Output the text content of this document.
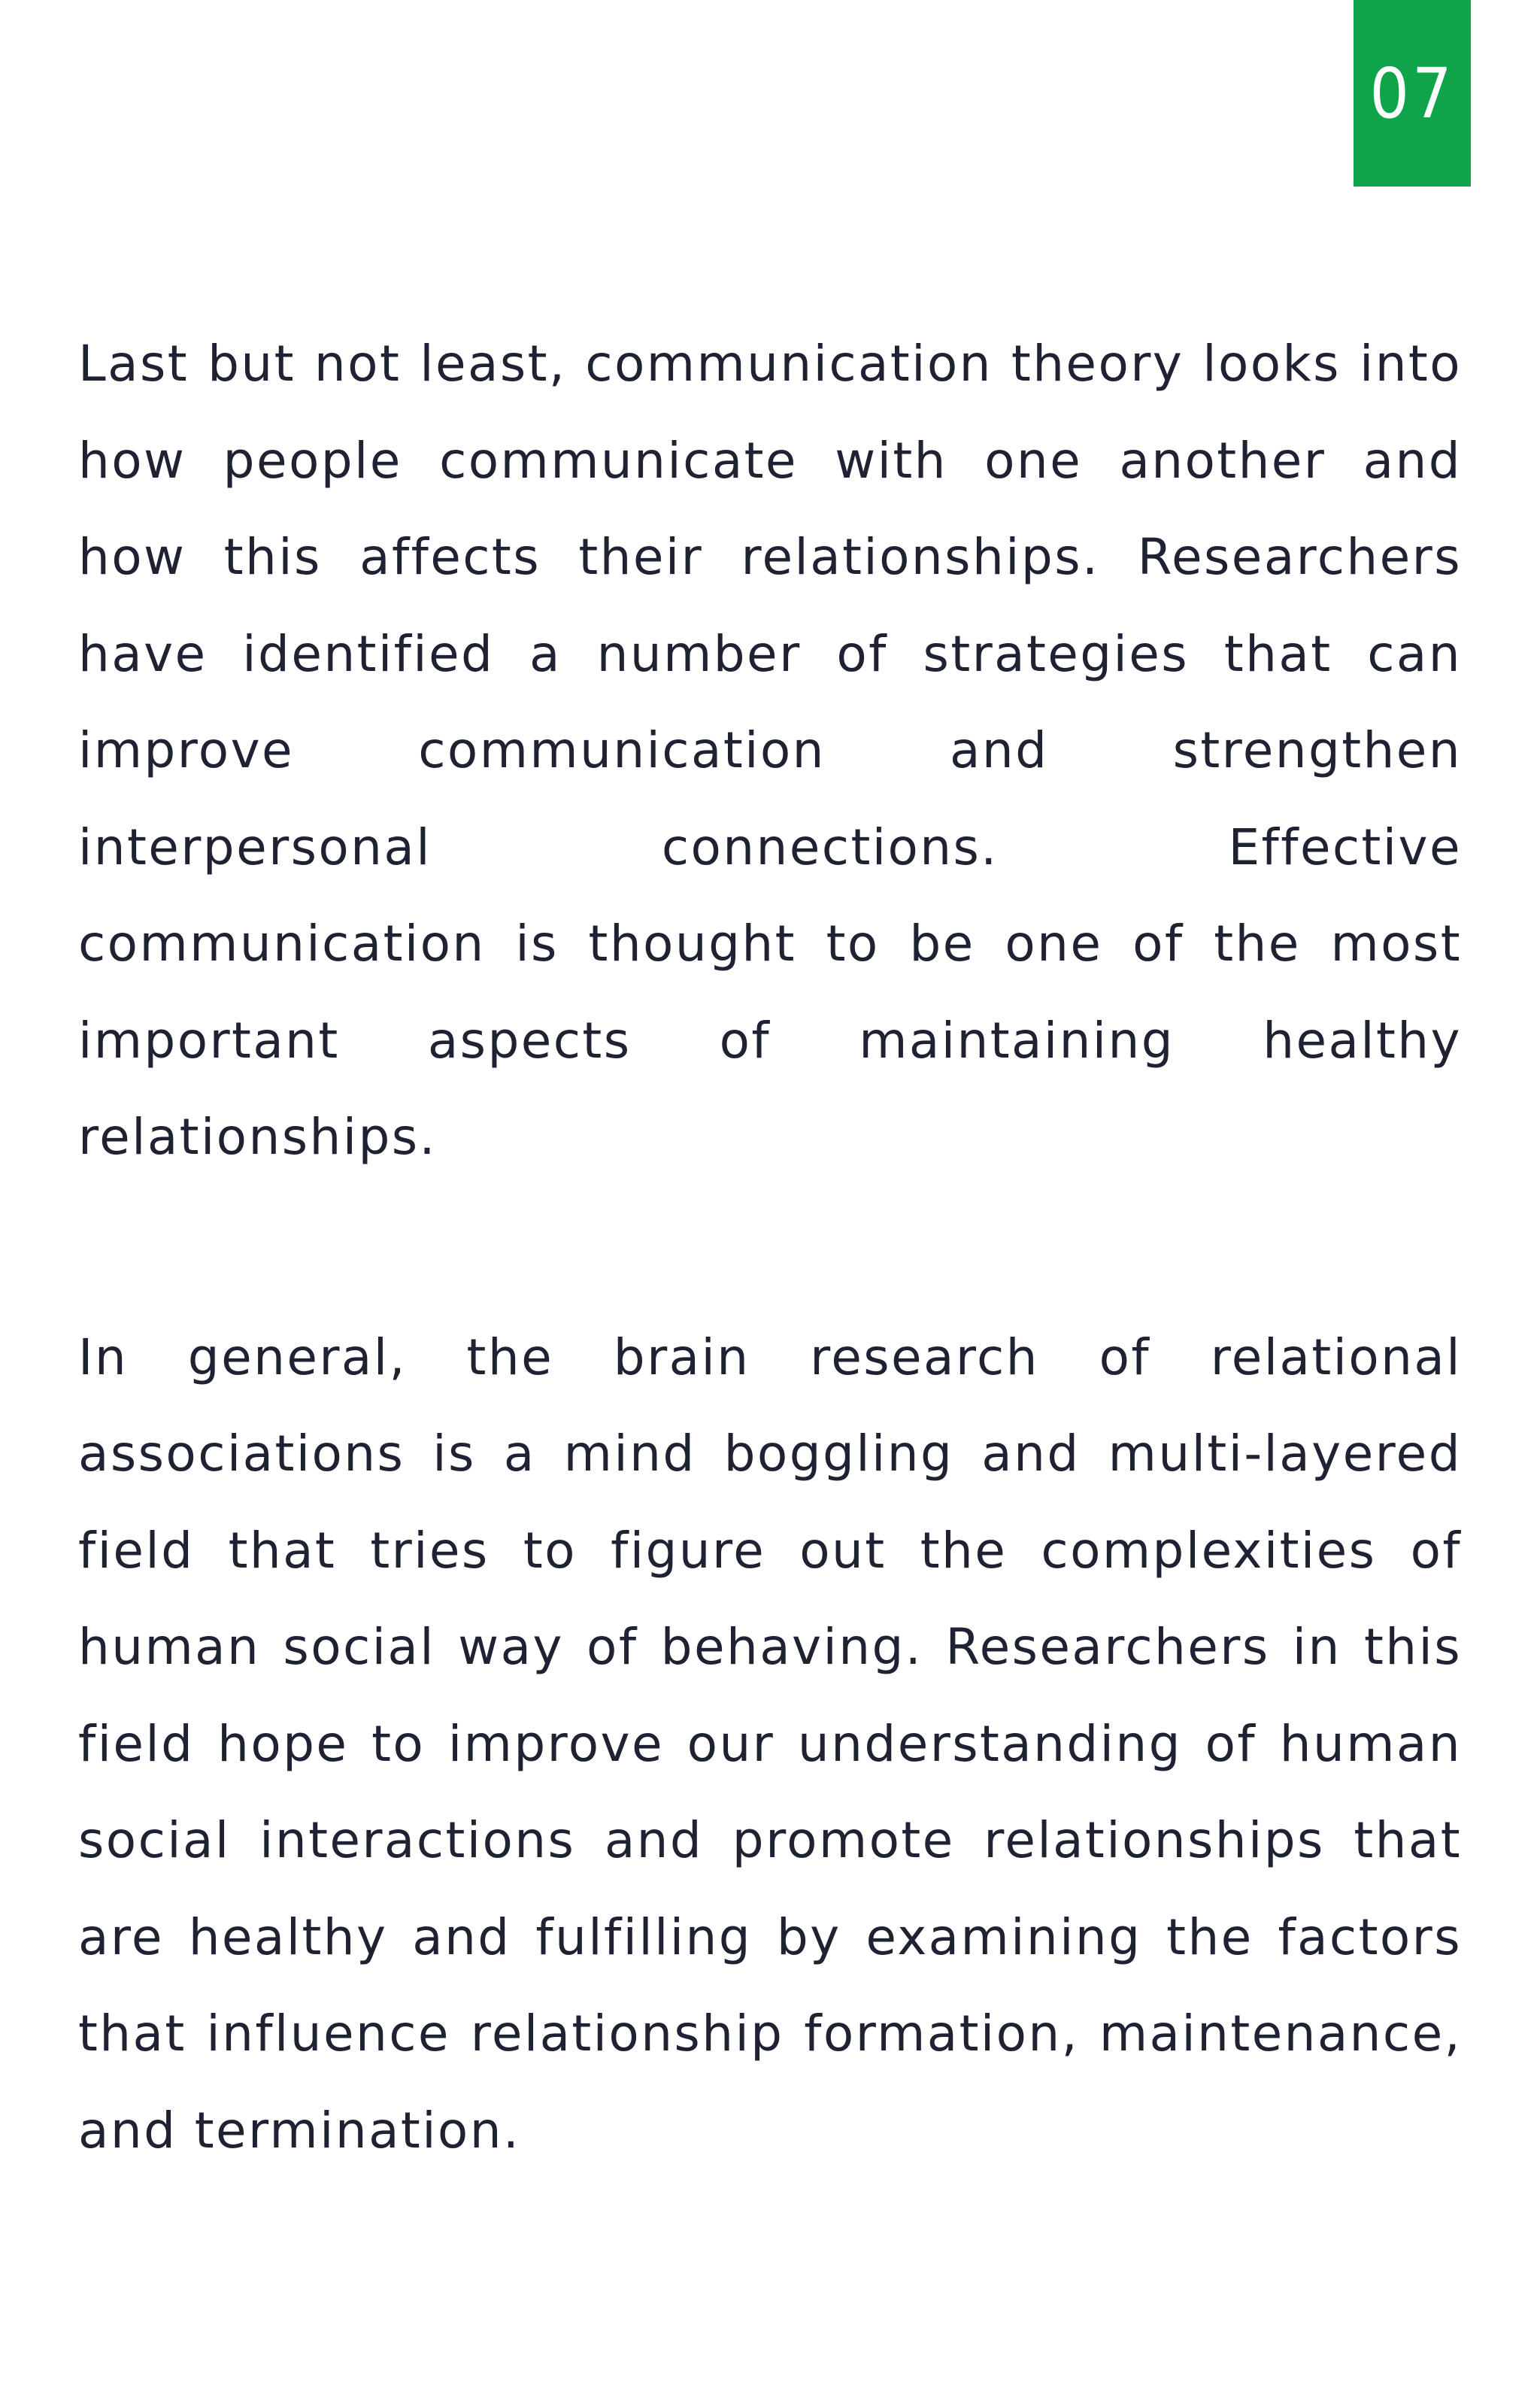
07

Last but not least, communication theory looks into how people communicate with one another and how this affects their relationships. Researchers have identified a number of strategies that can improve communication and strengthen interpersonal connections. Effective communication is thought to be one of the most important aspects of maintaining healthy relationships.

In general, the brain research of relational associations is a mind boggling and multi-layered field that tries to figure out the complexities of human social way of behaving. Researchers in this field hope to improve our understanding of human social interactions and promote relationships that are healthy and fulfilling by examining the factors that influence relationship formation, maintenance, and termination.
